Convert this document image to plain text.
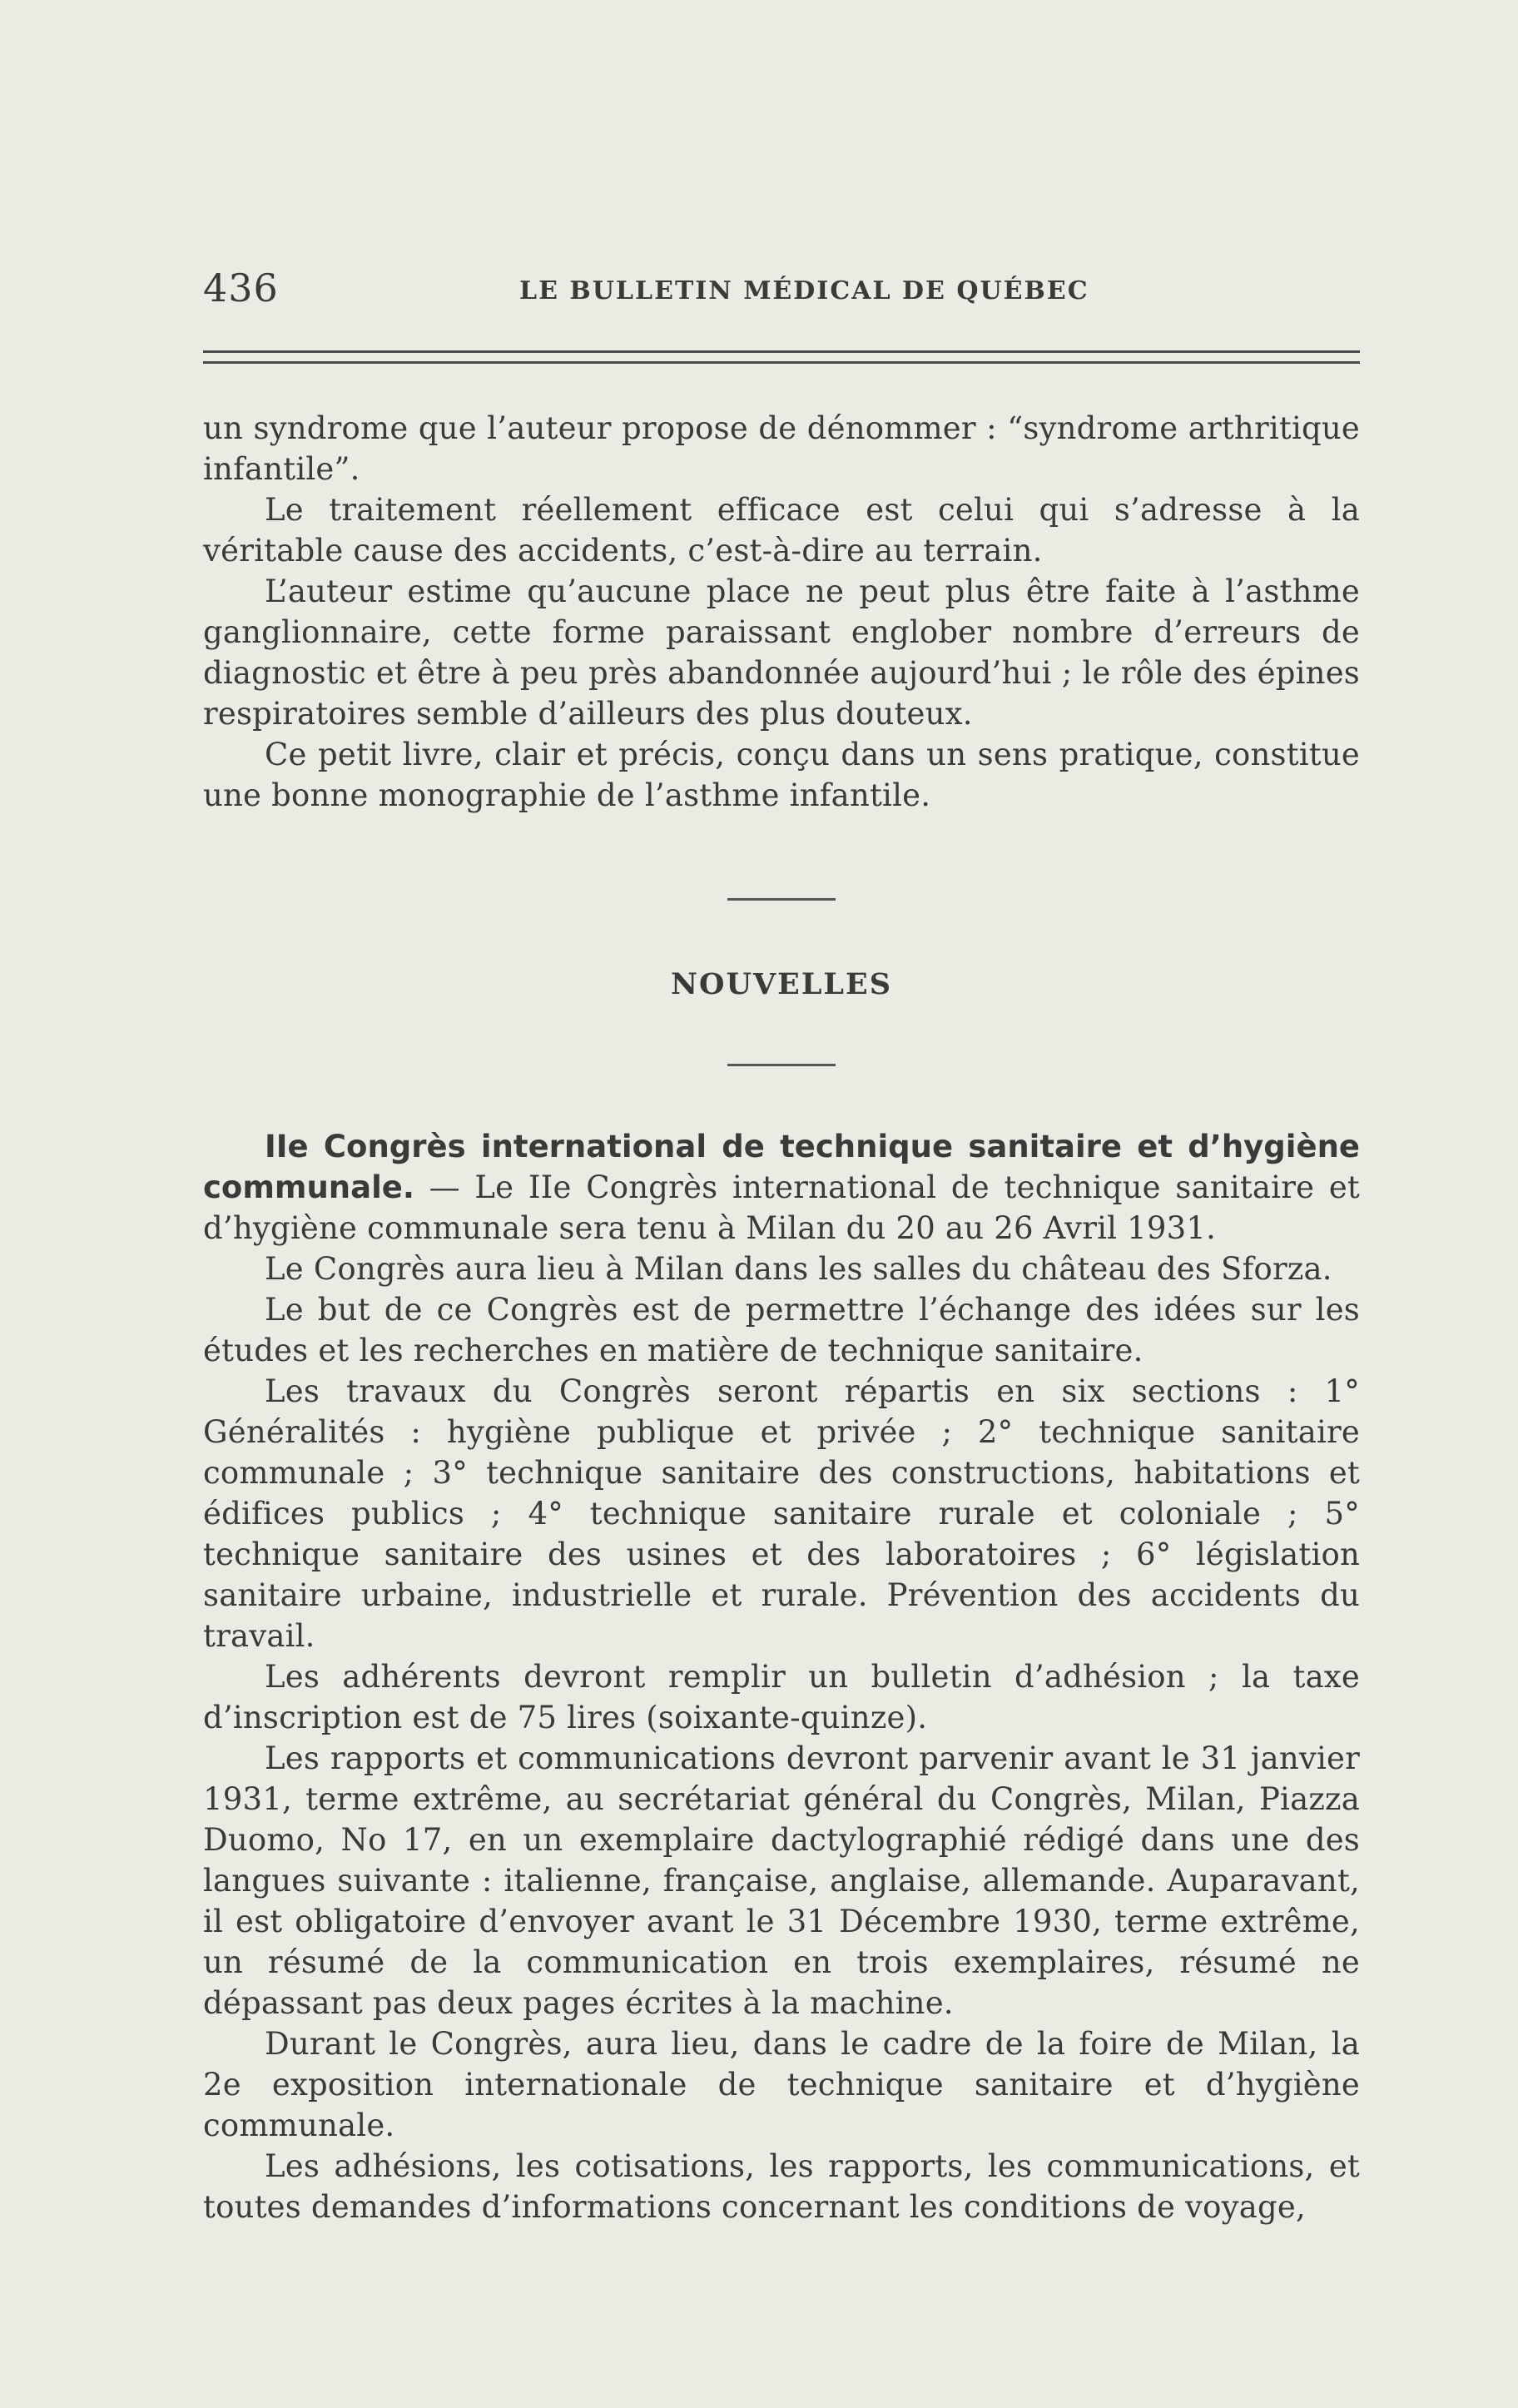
436	LE BULLETIN MÉDICAL DE QUÉBEC

un syndrome que l’auteur propose de dénommer : “syndrome arthritique infantile”.

Le traitement réellement efficace est celui qui s’adresse à la véritable cause des accidents, c’est-à-dire au terrain.

L’auteur estime qu’aucune place ne peut plus être faite à l’asthme ganglionnaire, cette forme paraissant englober nombre d’erreurs de diagnostic et être à peu près abandonnée aujourd’hui ; le rôle des épines respiratoires semble d’ailleurs des plus douteux.

Ce petit livre, clair et précis, conçu dans un sens pratique, constitue une bonne monographie de l’asthme infantile.

NOUVELLES

IIe Congrès international de technique sanitaire et d’hygiène communale. — Le IIe Congrès international de technique sanitaire et d’hygiène communale sera tenu à Milan du 20 au 26 Avril 1931.

Le Congrès aura lieu à Milan dans les salles du château des Sforza.

Le but de ce Congrès est de permettre l’échange des idées sur les études et les recherches en matière de technique sanitaire.

Les travaux du Congrès seront répartis en six sections : 1° Généralités : hygiène publique et privée ; 2° technique sanitaire communale ; 3° technique sanitaire des constructions, habitations et édifices publics ; 4° technique sanitaire rurale et coloniale ; 5° technique sanitaire des usines et des laboratoires ; 6° législation sanitaire urbaine, industrielle et rurale. Prévention des accidents du travail.

Les adhérents devront remplir un bulletin d’adhésion ; la taxe d’inscription est de 75 lires (soixante-quinze).

Les rapports et communications devront parvenir avant le 31 janvier 1931, terme extrême, au secrétariat général du Congrès, Milan, Piazza Duomo, No 17, en un exemplaire dactylographié rédigé dans une des langues suivante : italienne, française, anglaise, allemande. Auparavant, il est obligatoire d’envoyer avant le 31 Décembre 1930, terme extrême, un résumé de la communication en trois exemplaires, résumé ne dépassant pas deux pages écrites à la machine.

Durant le Congrès, aura lieu, dans le cadre de la foire de Milan, la 2e exposition internationale de technique sanitaire et d’hygiène communale.

Les adhésions, les cotisations, les rapports, les communications, et toutes demandes d’informations concernant les conditions de voyage,
